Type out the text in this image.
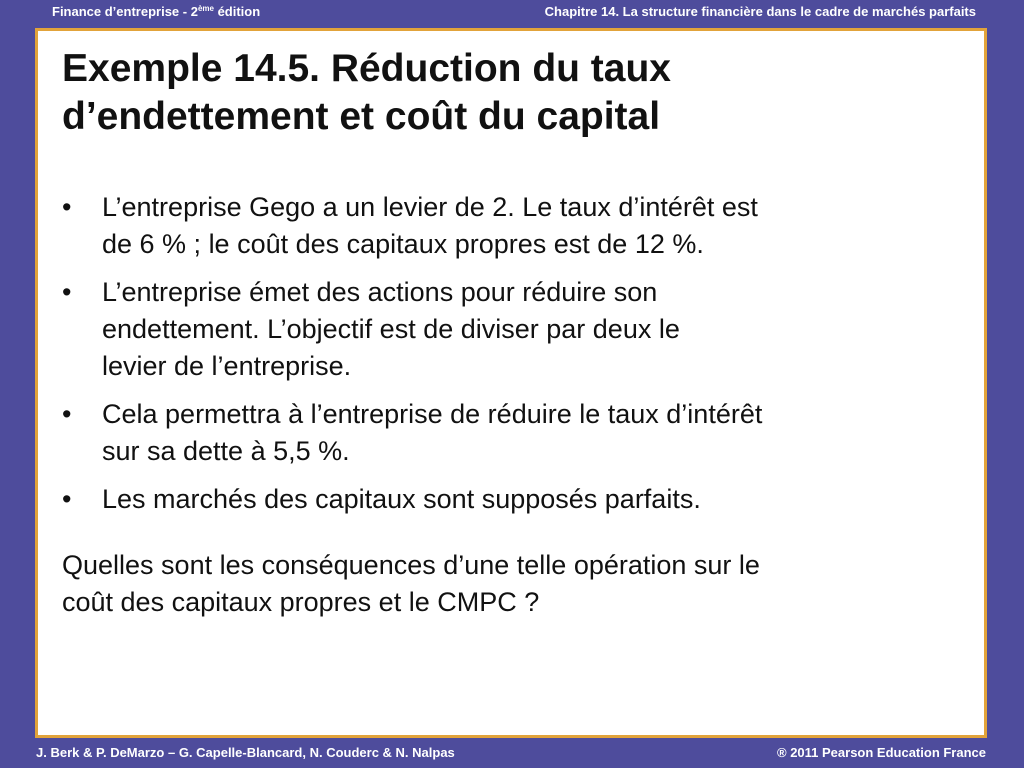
Finance d’entreprise - 2ème édition	Chapitre 14. La structure financière dans le cadre de marchés parfaits
Exemple 14.5. Réduction du taux
d’endettement et coût du capital
• L’entreprise Gego a un levier de 2. Le taux d’intérêt est
de 6 % ; le coût des capitaux propres est de 12 %.
• L’entreprise émet des actions pour réduire son
endettement. L’objectif est de diviser par deux le
levier de l’entreprise.
• Cela permettra à l’entreprise de réduire le taux d’intérêt
sur sa dette à 5,5 %.
• Les marchés des capitaux sont supposés parfaits.

Quelles sont les conséquences d’une telle opération sur le
coût des capitaux propres et le CMPC ?

J. Berk & P. DeMarzo – G. Capelle-Blancard, N. Couderc & N. Nalpas	® 2011 Pearson Education France
